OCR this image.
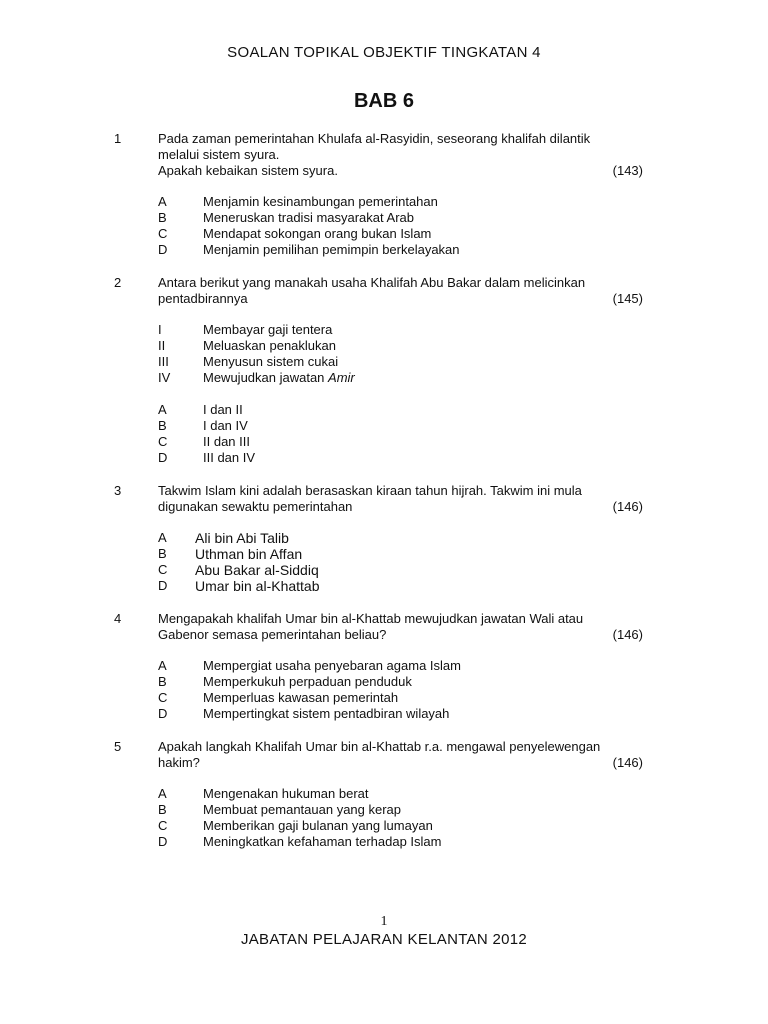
SOALAN TOPIKAL OBJEKTIF TINGKATAN 4
BAB 6
1	Pada zaman pemerintahan Khulafa al-Rasyidin, seseorang khalifah dilantik
melalui sistem syura.
Apakah kebaikan sistem syura.	(143)
A	Menjamin kesinambungan pemerintahan
B	Meneruskan tradisi masyarakat Arab
C	Mendapat sokongan orang bukan Islam
D	Menjamin pemilihan pemimpin berkelayakan
2	Antara berikut yang manakah usaha Khalifah Abu Bakar dalam melicinkan
pentadbirannya	(145)
I	Membayar gaji tentera
II	Meluaskan penaklukan
III	Menyusun sistem cukai
IV	Mewujudkan jawatan Amir
A	I dan II
B	I dan IV
C	II dan III
D	III dan IV
3	Takwim Islam kini adalah berasaskan kiraan tahun hijrah. Takwim ini mula
digunakan sewaktu pemerintahan	(146)
A Ali bin Abi Talib
B Uthman bin Affan
C Abu Bakar al-Siddiq
D Umar bin al-Khattab
4	Mengapakah khalifah Umar bin al-Khattab mewujudkan jawatan Wali atau
Gabenor semasa pemerintahan beliau?	(146)
A	Mempergiat usaha penyebaran agama Islam
B	Memperkukuh perpaduan penduduk
C	Memperluas kawasan pemerintah
D	Mempertingkat sistem pentadbiran wilayah
5	Apakah langkah Khalifah Umar bin al-Khattab r.a. mengawal penyelewengan
hakim?	(146)
A	Mengenakan hukuman berat
B	Membuat pemantauan yang kerap
C	Memberikan gaji bulanan yang lumayan
D	Meningkatkan kefahaman terhadap Islam
1
JABATAN PELAJARAN KELANTAN 2012
